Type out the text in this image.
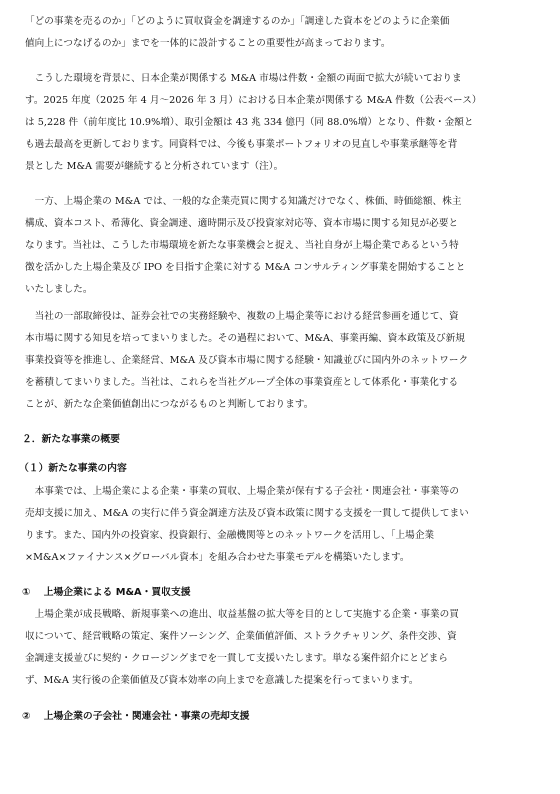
「どの事業を売るのか」「どのように買収資金を調達するのか」「調達した資本をどのように企業価
値向上につなげるのか」までを一体的に設計することの重要性が高まっております。

　こうした環境を背景に、日本企業が関係する M&A 市場は件数・金額の両面で拡大が続いておりま
す。2025 年度（2025 年 4 月～2026 年 3 月）における日本企業が関係する M&A 件数（公表ベース）
は 5,228 件（前年度比 10.9%増）、取引金額は 43 兆 334 億円（同 88.0%増）となり、件数・金額と
も過去最高を更新しております。同資料では、今後も事業ポートフォリオの見直しや事業承継等を背
景とした M&A 需要が継続すると分析されています（注）。

　一方、上場企業の M&A では、一般的な企業売買に関する知識だけでなく、株価、時価総額、株主
構成、資本コスト、希薄化、資金調達、適時開示及び投資家対応等、資本市場に関する知見が必要と
なります。当社は、こうした市場環境を新たな事業機会と捉え、当社自身が上場企業であるという特
徴を活かした上場企業及び IPO を目指す企業に対する M&A コンサルティング事業を開始することと
いたしました。

　当社の一部取締役は、証券会社での実務経験や、複数の上場企業等における経営参画を通じて、資
本市場に関する知見を培ってまいりました。その過程において、M&A、事業再編、資本政策及び新規
事業投資等を推進し、企業経営、M&A 及び資本市場に関する経験・知識並びに国内外のネットワーク
を蓄積してまいりました。当社は、これらを当社グループ全体の事業資産として体系化・事業化する
ことが、新たな企業価値創出につながるものと判断しております。

２．新たな事業の概要
（１）新たな事業の内容

　本事業では、上場企業による企業・事業の買収、上場企業が保有する子会社・関連会社・事業等の
売却支援に加え、M&A の実行に伴う資金調達方法及び資本政策に関する支援を一貫して提供してまい
ります。また、国内外の投資家、投資銀行、金融機関等とのネットワークを活用し、「上場企業
×M&A×ファイナンス×グローバル資本」を組み合わせた事業モデルを構築いたします。

① 上場企業による M&A・買収支援

　上場企業が成長戦略、新規事業への進出、収益基盤の拡大等を目的として実施する企業・事業の買
収について、経営戦略の策定、案件ソーシング、企業価値評価、ストラクチャリング、条件交渉、資
金調達支援並びに契約・クロージングまでを一貫して支援いたします。単なる案件紹介にとどまら
ず、M&A 実行後の企業価値及び資本効率の向上までを意識した提案を行ってまいります。

② 上場企業の子会社・関連会社・事業の売却支援
